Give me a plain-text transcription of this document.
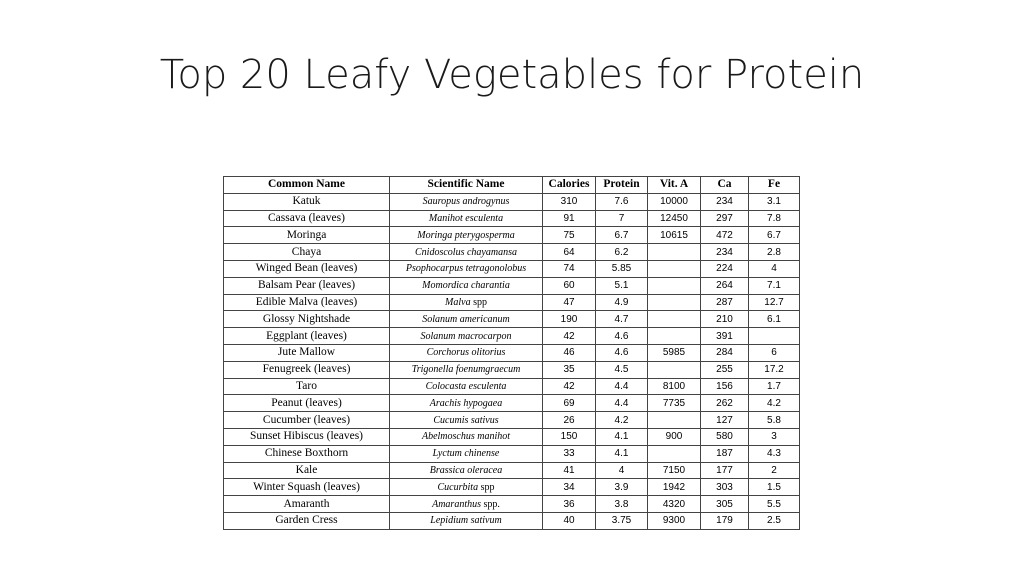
Top 20 Leafy Vegetables for Protein
Common Name	Scientific Name	Calories	Protein	Vit. A	Ca	Fe
Katuk	Sauropus androgynus	310	7.6	10000	234	3.1
Cassava (leaves)	Manihot esculenta	91	7	12450	297	7.8
Moringa	Moringa pterygosperma	75	6.7	10615	472	6.7
Chaya	Cnidoscolus chayamansa	64	6.2		234	2.8
Winged Bean (leaves)	Psophocarpus tetragonolobus	74	5.85		224	4
Balsam Pear (leaves)	Momordica charantia	60	5.1		264	7.1
Edible Malva (leaves)	Malva spp	47	4.9		287	12.7
Glossy Nightshade	Solanum americanum	190	4.7		210	6.1
Eggplant (leaves)	Solanum macrocarpon	42	4.6		391	
Jute Mallow	Corchorus olitorius	46	4.6	5985	284	6
Fenugreek (leaves)	Trigonella foenumgraecum	35	4.5		255	17.2
Taro	Colocasta esculenta	42	4.4	8100	156	1.7
Peanut (leaves)	Arachis hypogaea	69	4.4	7735	262	4.2
Cucumber (leaves)	Cucumis sativus	26	4.2		127	5.8
Sunset Hibiscus (leaves)	Abelmoschus manihot	150	4.1	900	580	3
Chinese Boxthorn	Lyctum chinense	33	4.1		187	4.3
Kale	Brassica oleracea	41	4	7150	177	2
Winter Squash (leaves)	Cucurbita spp	34	3.9	1942	303	1.5
Amaranth	Amaranthus spp.	36	3.8	4320	305	5.5
Garden Cress	Lepidium sativum	40	3.75	9300	179	2.5
